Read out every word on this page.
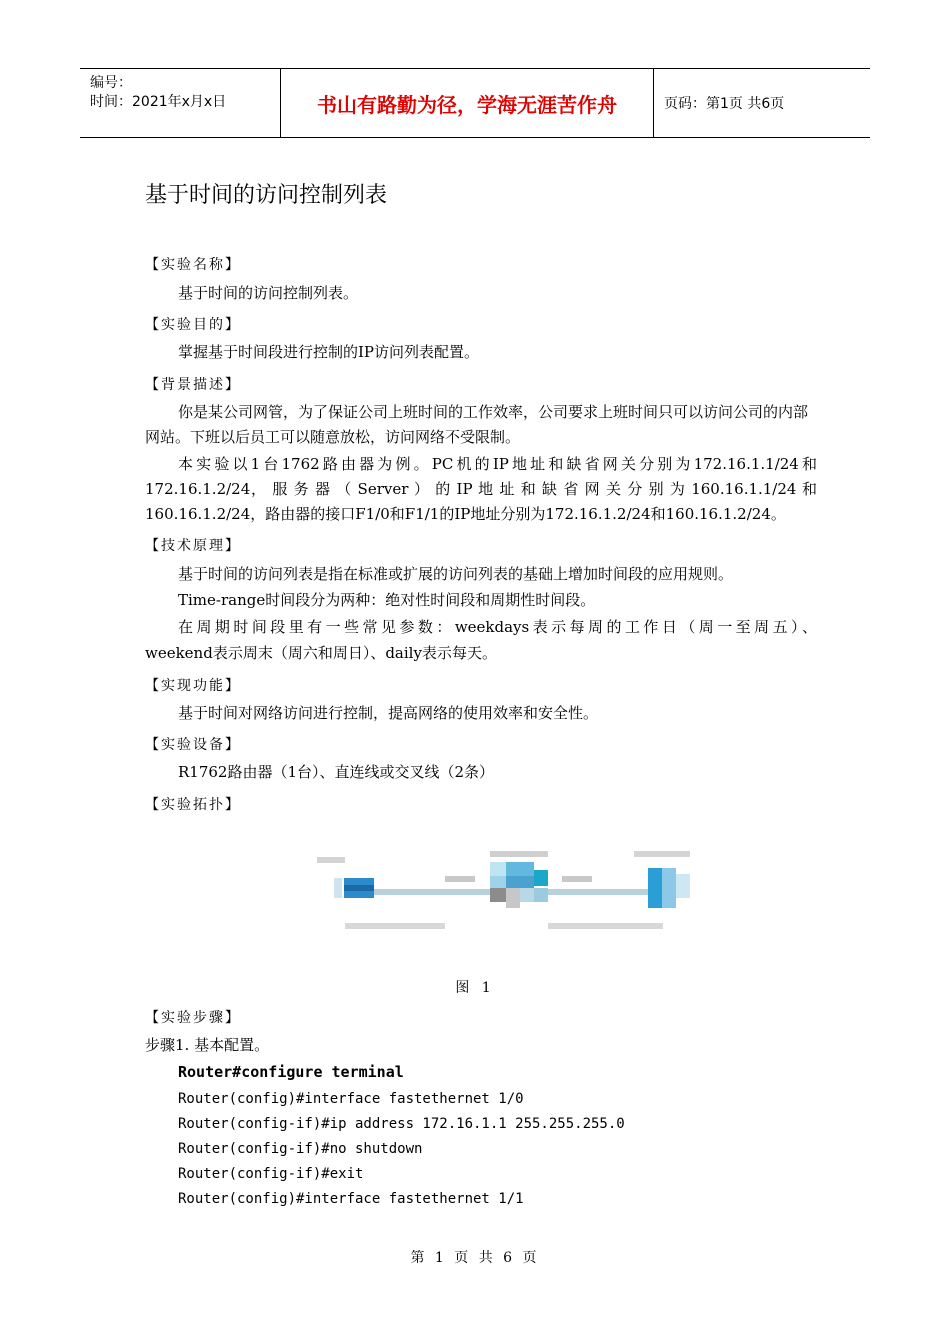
编号：
时间：2021年x月x日	书山有路勤为径，学海无涯苦作舟	页码：第1页 共6页
基于时间的访问控制列表
【实验名称】
基于时间的访问控制列表。
【实验目的】
掌握基于时间段进行控制的IP访问列表配置。
【背景描述】
你是某公司网管，为了保证公司上班时间的工作效率，公司要求上班时间只可以访问公司的内部网站。下班以后员工可以随意放松，访问网络不受限制。
本实验以1台1762路由器为例。PC机的IP地址和缺省网关分别为172.16.1.1/24和
172.16.1.2/24， 服 务 器 （ Server ） 的 IP 地 址 和 缺 省 网 关 分 别 为 160.16.1.1/24 和
160.16.1.2/24，路由器的接口F1/0和F1/1的IP地址分别为172.16.1.2/24和160.16.1.2/24。
【技术原理】
基于时间的访问列表是指在标准或扩展的访问列表的基础上增加时间段的应用规则。
Time-range时间段分为两种：绝对性时间段和周期性时间段。
在周期时间段里有一些常见参数：weekdays表示每周的工作日（周一至周五）、
weekend表示周末（周六和周日）、daily表示每天。
【实现功能】
基于时间对网络访问进行控制，提高网络的使用效率和安全性。
【实验设备】
R1762路由器（1台）、直连线或交叉线（2条）
【实验拓扑】
图 1
【实验步骤】
步骤1. 基本配置。
Router#configure terminal
Router(config)#interface fastethernet 1/0
Router(config-if)#ip address 172.16.1.1 255.255.255.0
Router(config-if)#no shutdown
Router(config-if)#exit
Router(config)#interface fastethernet 1/1
第 1 页 共 6 页
